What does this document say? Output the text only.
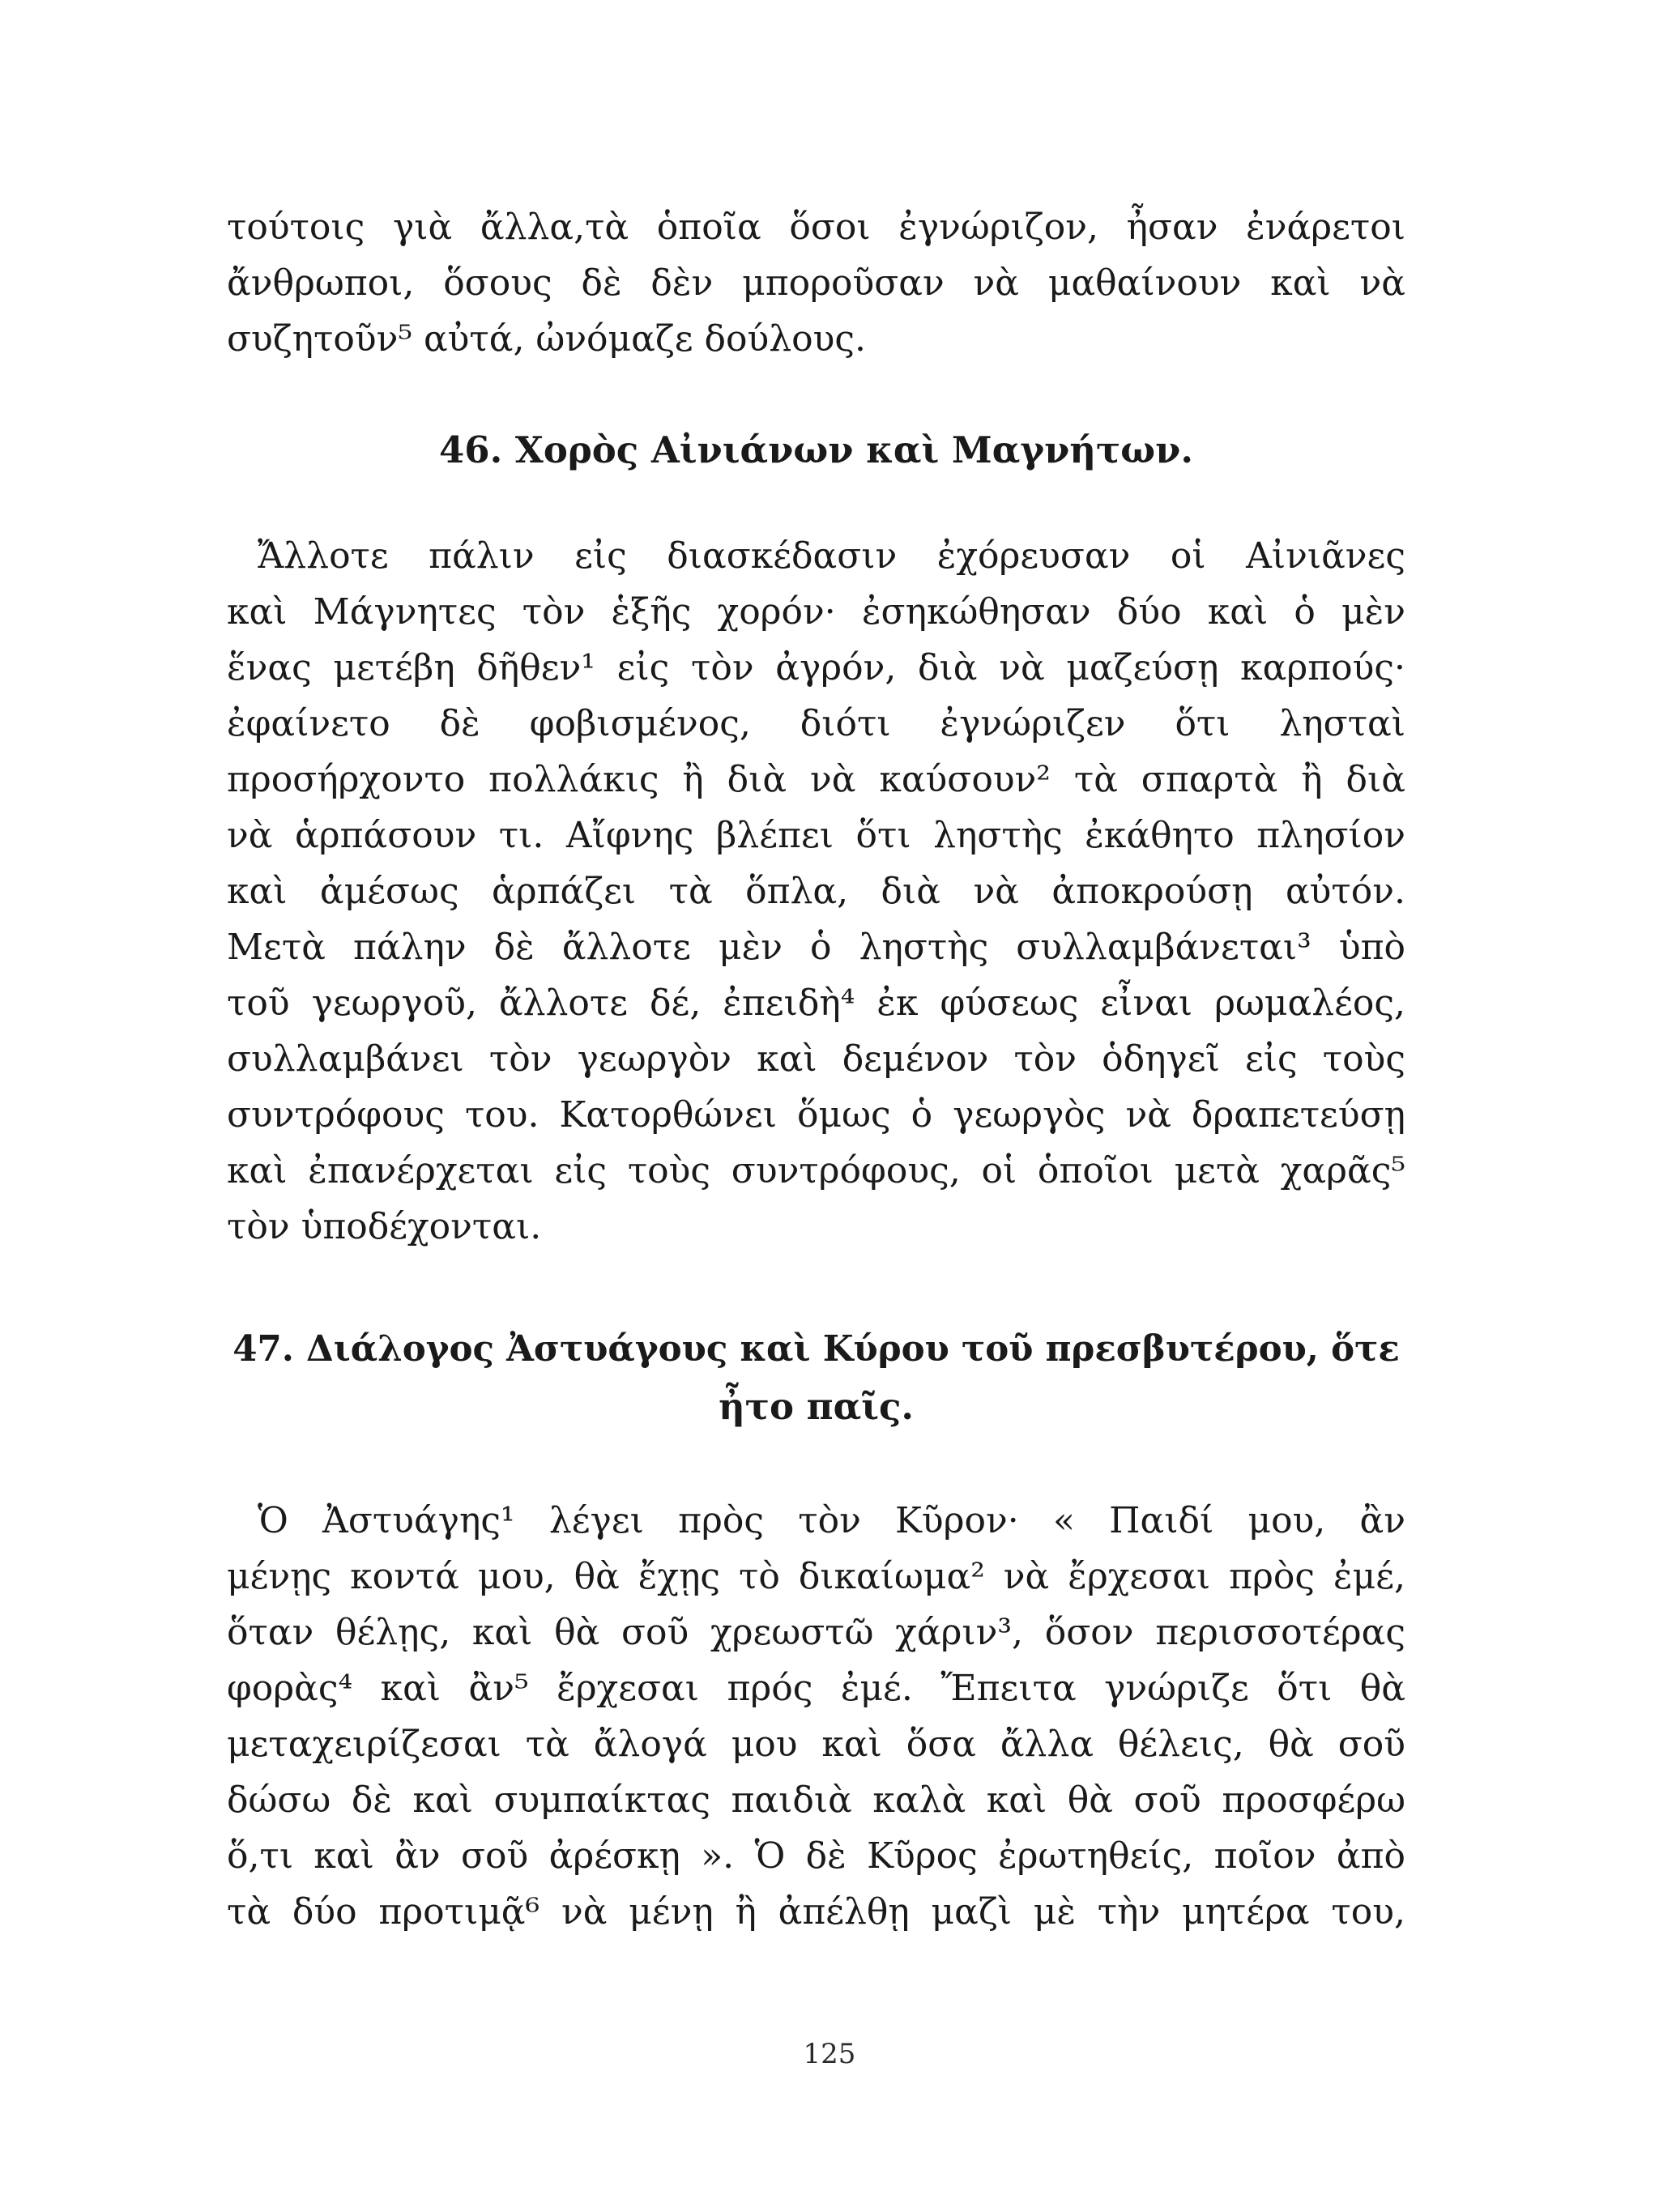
τούτοις γιὰ ἄλλα,τὰ ὁποῖα ὅσοι ἐγνώριζον, ἦσαν ἐνάρετοι
ἄνθρωποι, ὅσους δὲ δὲν μποροῦσαν νὰ μαθαίνουν καὶ νὰ
συζητοῦν⁵ αὐτά, ὠνόμαζε δούλους.
46. Χορὸς Αἰνιάνων καὶ Μαγνήτων.
Ἄλλοτε πάλιν εἰς διασκέδασιν ἐχόρευσαν οἱ Αἰνιᾶνες
καὶ Μάγνητες τὸν ἑξῆς χορόν· ἐσηκώθησαν δύο καὶ ὁ μὲν
ἕνας μετέβη δῆθεν¹ εἰς τὸν ἀγρόν, διὰ νὰ μαζεύσῃ καρπούς·
ἐφαίνετο δὲ φοβισμένος, διότι ἐγνώριζεν ὅτι λησταὶ
προσήρχοντο πολλάκις ἢ διὰ νὰ καύσουν² τὰ σπαρτὰ ἢ διὰ
νὰ ἁρπάσουν τι. Αἴφνης βλέπει ὅτι ληστὴς ἐκάθητο πλησίον
καὶ ἀμέσως ἁρπάζει τὰ ὅπλα, διὰ νὰ ἀποκρούσῃ αὐτόν.
Μετὰ πάλην δὲ ἄλλοτε μὲν ὁ ληστὴς συλλαμβάνεται³ ὑπὸ
τοῦ γεωργοῦ, ἄλλοτε δέ, ἐπειδὴ⁴ ἐκ φύσεως εἶναι ρωμαλέος,
συλλαμβάνει τὸν γεωργὸν καὶ δεμένον τὸν ὁδηγεῖ εἰς τοὺς
συντρόφους του. Κατορθώνει ὅμως ὁ γεωργὸς νὰ δραπετεύσῃ
καὶ ἐπανέρχεται εἰς τοὺς συντρόφους, οἱ ὁποῖοι μετὰ χαρᾶς⁵
τὸν ὑποδέχονται.
47. Διάλογος Ἀστυάγους καὶ Κύρου τοῦ πρεσβυτέρου, ὅτε
ἦτο παῖς.
Ὁ Ἀστυάγης¹ λέγει πρὸς τὸν Κῦρον· « Παιδί μου, ἂν
μένῃς κοντά μου, θὰ ἔχῃς τὸ δικαίωμα² νὰ ἔρχεσαι πρὸς ἐμέ,
ὅταν θέλῃς, καὶ θὰ σοῦ χρεωστῶ χάριν³, ὅσον περισσοτέρας
φορὰς⁴ καὶ ἂν⁵ ἔρχεσαι πρός ἐμέ. Ἔπειτα γνώριζε ὅτι θὰ
μεταχειρίζεσαι τὰ ἄλογά μου καὶ ὅσα ἄλλα θέλεις, θὰ σοῦ
δώσω δὲ καὶ συμπαίκτας παιδιὰ καλὰ καὶ θὰ σοῦ προσφέρω
ὅ,τι καὶ ἂν σοῦ ἀρέσκῃ ». Ὁ δὲ Κῦρος ἐρωτηθείς, ποῖον ἀπὸ
τὰ δύο προτιμᾷ⁶ νὰ μένῃ ἢ ἀπέλθῃ μαζὶ μὲ τὴν μητέρα του,
125
